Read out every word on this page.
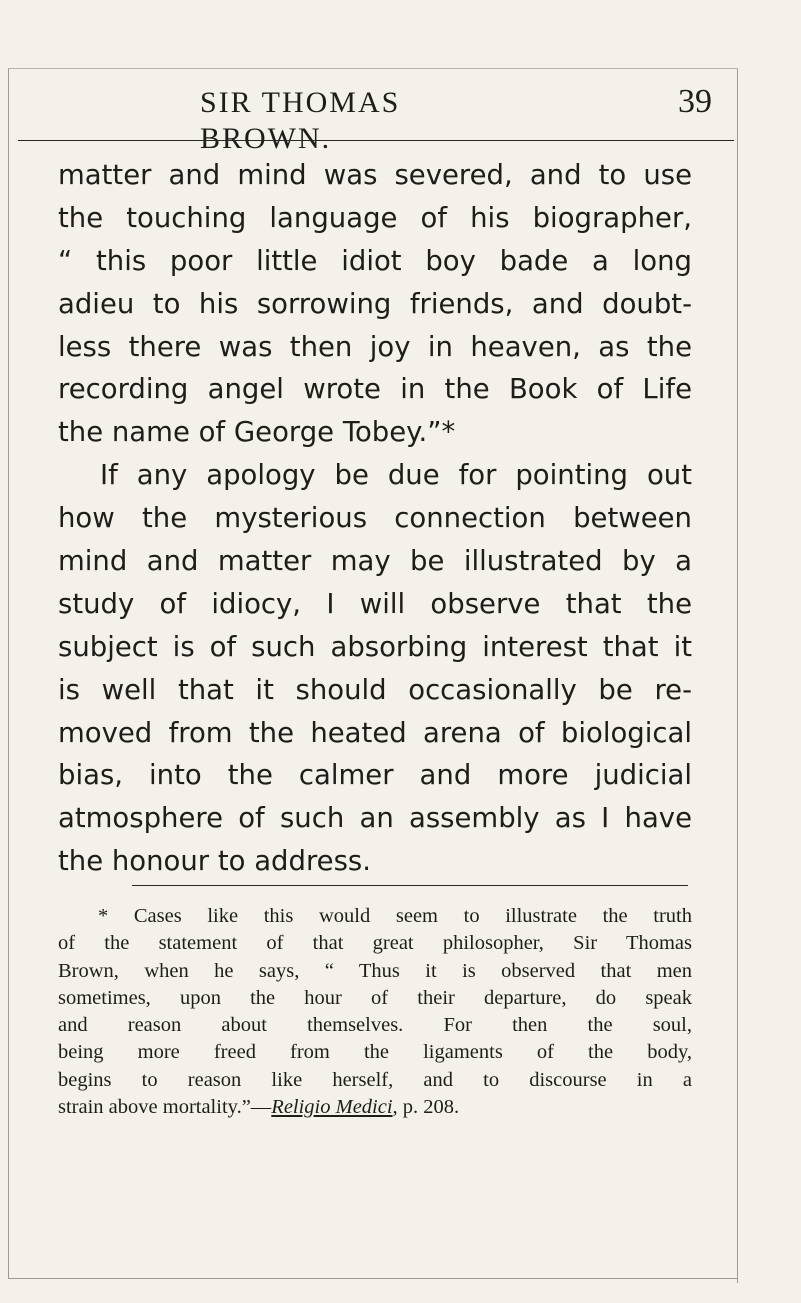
SIR THOMAS BROWN.
39
matter and mind was severed, and to use
the touching language of his biographer,
“ this poor little idiot boy bade a long
adieu to his sorrowing friends, and doubt-
less there was then joy in heaven, as the
recording angel wrote in the Book of Life
the name of George Tobey.”*
If any apology be due for pointing out
how the mysterious connection between
mind and matter may be illustrated by a
study of idiocy, I will observe that the
subject is of such absorbing interest that it
is well that it should occasionally be re-
moved from the heated arena of biological
bias, into the calmer and more judicial
atmosphere of such an assembly as I have
the honour to address.
* Cases like this would seem to illustrate the truth
of the statement of that great philosopher, Sir Thomas
Brown, when he says, “ Thus it is observed that men
sometimes, upon the hour of their departure, do speak
and reason about themselves. For then the soul,
being more freed from the ligaments of the body,
begins to reason like herself, and to discourse in a
strain above mortality.”—Religio Medici, p. 208.
